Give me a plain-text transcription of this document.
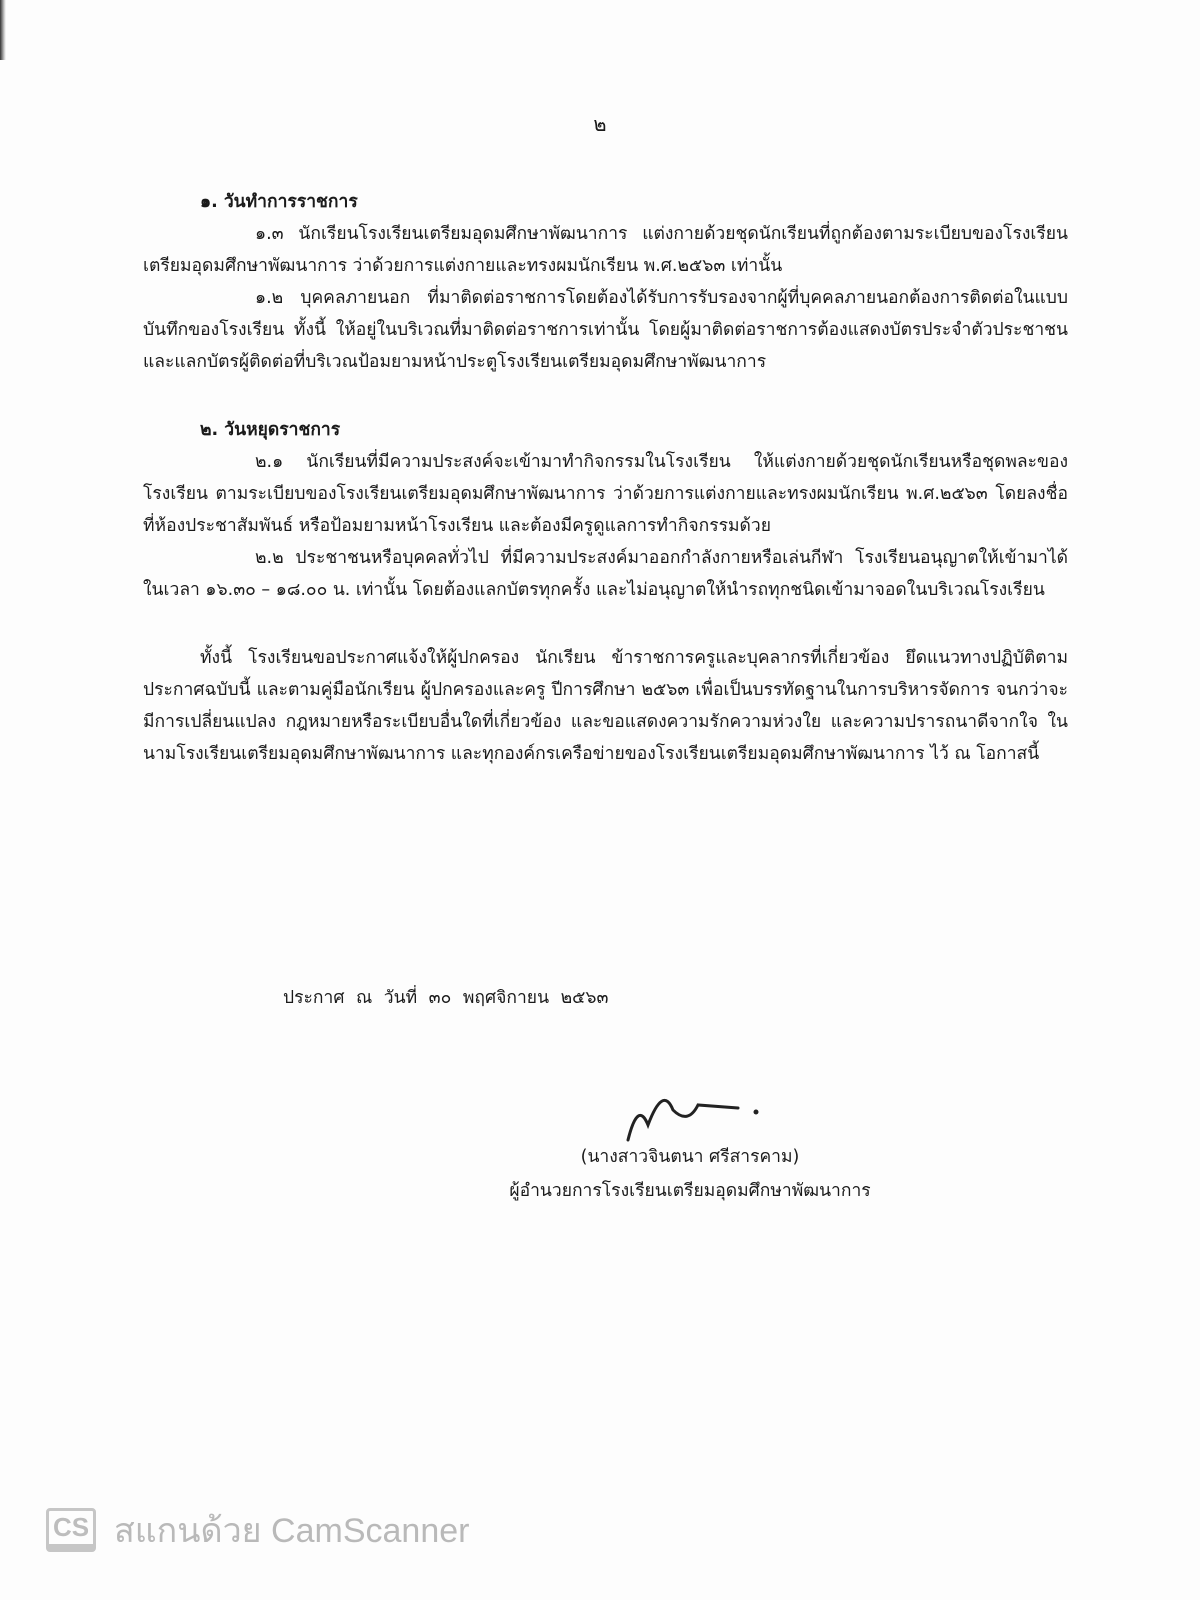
๒

๑. วันทำการราชการ

๑.๓ นักเรียนโรงเรียนเตรียมอุดมศึกษาพัฒนาการ แต่งกายด้วยชุดนักเรียนที่ถูกต้องตามระเบียบของโรงเรียนเตรียมอุดมศึกษาพัฒนาการ ว่าด้วยการแต่งกายและทรงผมนักเรียน พ.ศ.๒๕๖๓ เท่านั้น

๑.๒ บุคคลภายนอก ที่มาติดต่อราชการโดยต้องได้รับการรับรองจากผู้ที่บุคคลภายนอกต้องการติดต่อในแบบบันทึกของโรงเรียน ทั้งนี้ ให้อยู่ในบริเวณที่มาติดต่อราชการเท่านั้น โดยผู้มาติดต่อราชการต้องแสดงบัตรประจำตัวประชาชนและแลกบัตรผู้ติดต่อที่บริเวณป้อมยามหน้าประตูโรงเรียนเตรียมอุดมศึกษาพัฒนาการ

๒. วันหยุดราชการ

๒.๑ นักเรียนที่มีความประสงค์จะเข้ามาทำกิจกรรมในโรงเรียน ให้แต่งกายด้วยชุดนักเรียนหรือชุดพละของโรงเรียน ตามระเบียบของโรงเรียนเตรียมอุดมศึกษาพัฒนาการ ว่าด้วยการแต่งกายและทรงผมนักเรียน พ.ศ.๒๕๖๓ โดยลงชื่อที่ห้องประชาสัมพันธ์ หรือป้อมยามหน้าโรงเรียน และต้องมีครูดูแลการทำกิจกรรมด้วย

๒.๒ ประชาชนหรือบุคคลทั่วไป ที่มีความประสงค์มาออกกำลังกายหรือเล่นกีฬา โรงเรียนอนุญาตให้เข้ามาได้ ในเวลา ๑๖.๓๐ – ๑๘.๐๐ น. เท่านั้น โดยต้องแลกบัตรทุกครั้ง และไม่อนุญาตให้นำรถทุกชนิดเข้ามาจอดในบริเวณโรงเรียน

ทั้งนี้ โรงเรียนขอประกาศแจ้งให้ผู้ปกครอง นักเรียน ข้าราชการครูและบุคลากรที่เกี่ยวข้อง ยึดแนวทางปฏิบัติตามประกาศฉบับนี้ และตามคู่มือนักเรียน ผู้ปกครองและครู ปีการศึกษา ๒๕๖๓ เพื่อเป็นบรรทัดฐานในการบริหารจัดการ จนกว่าจะมีการเปลี่ยนแปลง กฎหมายหรือระเบียบอื่นใดที่เกี่ยวข้อง และขอแสดงความรักความห่วงใย และความปรารถนาดีจากใจ ในนามโรงเรียนเตรียมอุดมศึกษาพัฒนาการ และทุกองค์กรเครือข่ายของโรงเรียนเตรียมอุดมศึกษาพัฒนาการ ไว้ ณ โอกาสนี้

ประกาศ ณ วันที่ ๓๐ พฤศจิกายน ๒๕๖๓
(นางสาวจินตนา ศรีสารคาม)
ผู้อำนวยการโรงเรียนเตรียมอุดมศึกษาพัฒนาการ
CS สแกนด้วย CamScanner
